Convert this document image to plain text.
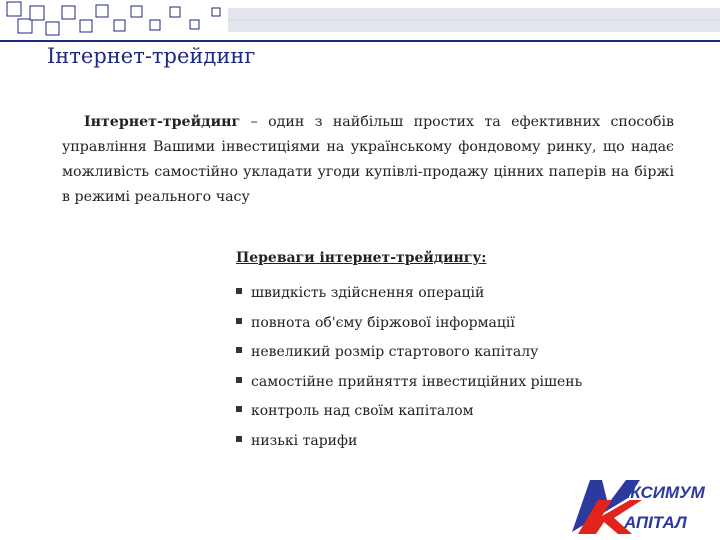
Інтернет-трейдинг

Інтернет-трейдинг – один з найбільш простих та ефективних способів управління Вашими інвестиціями на українському фондовому ринку, що надає можливість самостійно укладати угоди купівлі-продажу цінних паперів на біржі в режимі реального часу

Переваги інтернет-трейдингу:
швидкість здійснення операцій
повнота об'єму біржової інформації
невеликий розмір стартового капіталу
самостійне прийняття інвестиційних рішень
контроль над своїм капіталом
низькі тарифи
АКСИМУМ
АПІТАЛ
